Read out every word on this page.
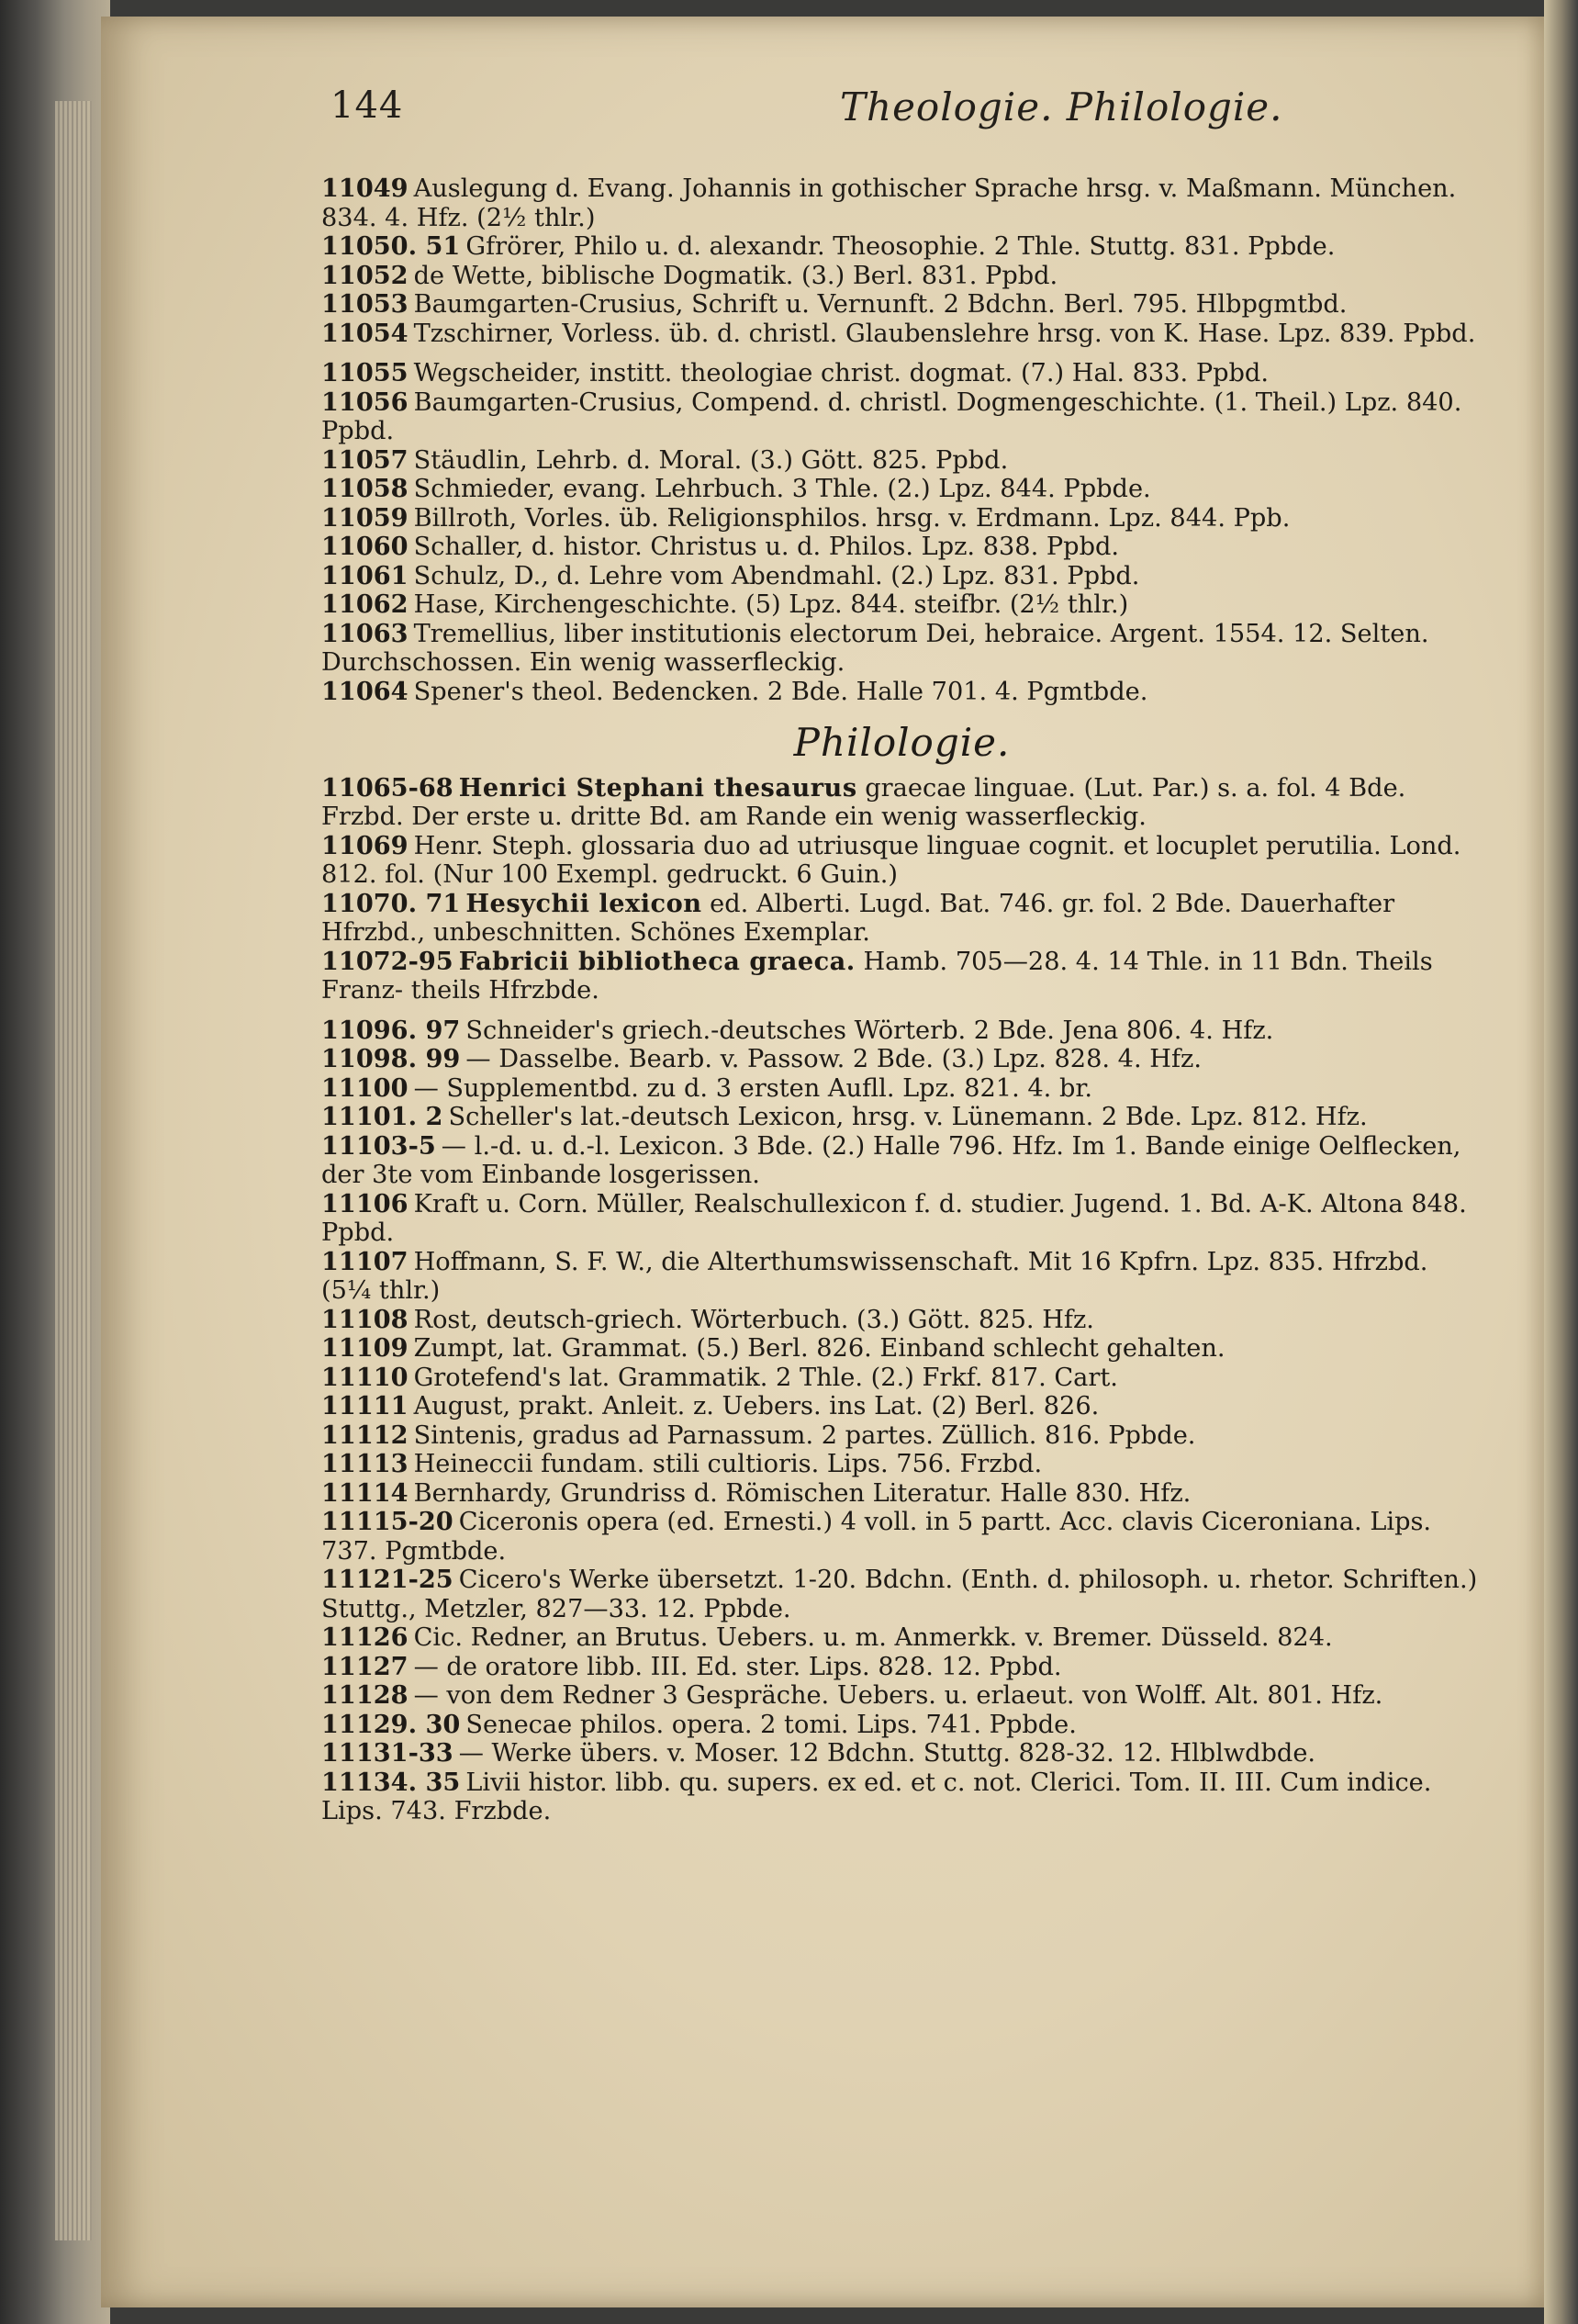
144	Theologie. Philologie.

11049 Auslegung d. Evang. Johannis in gothischer Sprache hrsg. v. Maßmann. München. 834. 4. Hfz. (2½ thlr.)

11050. 51 Gfrörer, Philo u. d. alexandr. Theosophie. 2 Thle. Stuttg. 831. Ppbde.

11052 de Wette, biblische Dogmatik. (3.) Berl. 831. Ppbd.

11053 Baumgarten-Crusius, Schrift u. Vernunft. 2 Bdchn. Berl. 795. Hlbpgmtbd.

11054 Tzschirner, Vorless. üb. d. christl. Glaubenslehre hrsg. von K. Hase. Lpz. 839. Ppbd.

11055 Wegscheider, institt. theologiae christ. dogmat. (7.) Hal. 833. Ppbd.

11056 Baumgarten-Crusius, Compend. d. christl. Dogmengeschichte. (1. Theil.) Lpz. 840. Ppbd.

11057 Stäudlin, Lehrb. d. Moral. (3.) Gött. 825. Ppbd.

11058 Schmieder, evang. Lehrbuch. 3 Thle. (2.) Lpz. 844. Ppbde.

11059 Billroth, Vorles. üb. Religionsphilos. hrsg. v. Erdmann. Lpz. 844. Ppb.

11060 Schaller, d. histor. Christus u. d. Philos. Lpz. 838. Ppbd.

11061 Schulz, D., d. Lehre vom Abendmahl. (2.) Lpz. 831. Ppbd.

11062 Hase, Kirchengeschichte. (5) Lpz. 844. steifbr. (2½ thlr.)

11063 Tremellius, liber institutionis electorum Dei, hebraice. Argent. 1554. 12. Selten. Durchschossen. Ein wenig wasserfleckig.

11064 Spener's theol. Bedencken. 2 Bde. Halle 701. 4. Pgmtbde.

Philologie.

11065-68 Henrici Stephani thesaurus graecae linguae. (Lut. Par.) s. a. fol. 4 Bde. Frzbd. Der erste u. dritte Bd. am Rande ein wenig wasserfleckig.

11069 Henr. Steph. glossaria duo ad utriusque linguae cognit. et locuplet perutilia. Lond. 812. fol. (Nur 100 Exempl. gedruckt. 6 Guin.)

11070. 71 Hesychii lexicon ed. Alberti. Lugd. Bat. 746. gr. fol. 2 Bde. Dauerhafter Hfrzbd., unbeschnitten. Schönes Exemplar.

11072-95 Fabricii bibliotheca graeca. Hamb. 705—28. 4. 14 Thle. in 11 Bdn. Theils Franz- theils Hfrzbde.

11096. 97 Schneider's griech.-deutsches Wörterb. 2 Bde. Jena 806. 4. Hfz.

11098. 99 — Dasselbe. Bearb. v. Passow. 2 Bde. (3.) Lpz. 828. 4. Hfz.

11100 — Supplementbd. zu d. 3 ersten Aufll. Lpz. 821. 4. br.

11101. 2 Scheller's lat.-deutsch Lexicon, hrsg. v. Lünemann. 2 Bde. Lpz. 812. Hfz.

11103-5 — l.-d. u. d.-l. Lexicon. 3 Bde. (2.) Halle 796. Hfz. Im 1. Bande einige Oelflecken, der 3te vom Einbande losgerissen.

11106 Kraft u. Corn. Müller, Realschullexicon f. d. studier. Jugend. 1. Bd. A-K. Altona 848. Ppbd.

11107 Hoffmann, S. F. W., die Alterthumswissenschaft. Mit 16 Kpfrn. Lpz. 835. Hfrzbd. (5¼ thlr.)

11108 Rost, deutsch-griech. Wörterbuch. (3.) Gött. 825. Hfz.

11109 Zumpt, lat. Grammat. (5.) Berl. 826. Einband schlecht gehalten.

11110 Grotefend's lat. Grammatik. 2 Thle. (2.) Frkf. 817. Cart.

11111 August, prakt. Anleit. z. Uebers. ins Lat. (2) Berl. 826.

11112 Sintenis, gradus ad Parnassum. 2 partes. Züllich. 816. Ppbde.

11113 Heineccii fundam. stili cultioris. Lips. 756. Frzbd.

11114 Bernhardy, Grundriss d. Römischen Literatur. Halle 830. Hfz.

11115-20 Ciceronis opera (ed. Ernesti.) 4 voll. in 5 partt. Acc. clavis Ciceroniana. Lips. 737. Pgmtbde.

11121-25 Cicero's Werke übersetzt. 1-20. Bdchn. (Enth. d. philosoph. u. rhetor. Schriften.) Stuttg., Metzler, 827—33. 12. Ppbde.

11126 Cic. Redner, an Brutus. Uebers. u. m. Anmerkk. v. Bremer. Düsseld. 824.

11127 — de oratore libb. III. Ed. ster. Lips. 828. 12. Ppbd.

11128 — von dem Redner 3 Gespräche. Uebers. u. erlaeut. von Wolff. Alt. 801. Hfz.

11129. 30 Senecae philos. opera. 2 tomi. Lips. 741. Ppbde.

11131-33 — Werke übers. v. Moser. 12 Bdchn. Stuttg. 828-32. 12. Hlblwdbde.

11134. 35 Livii histor. libb. qu. supers. ex ed. et c. not. Clerici. Tom. II. III. Cum indice. Lips. 743. Frzbde.
